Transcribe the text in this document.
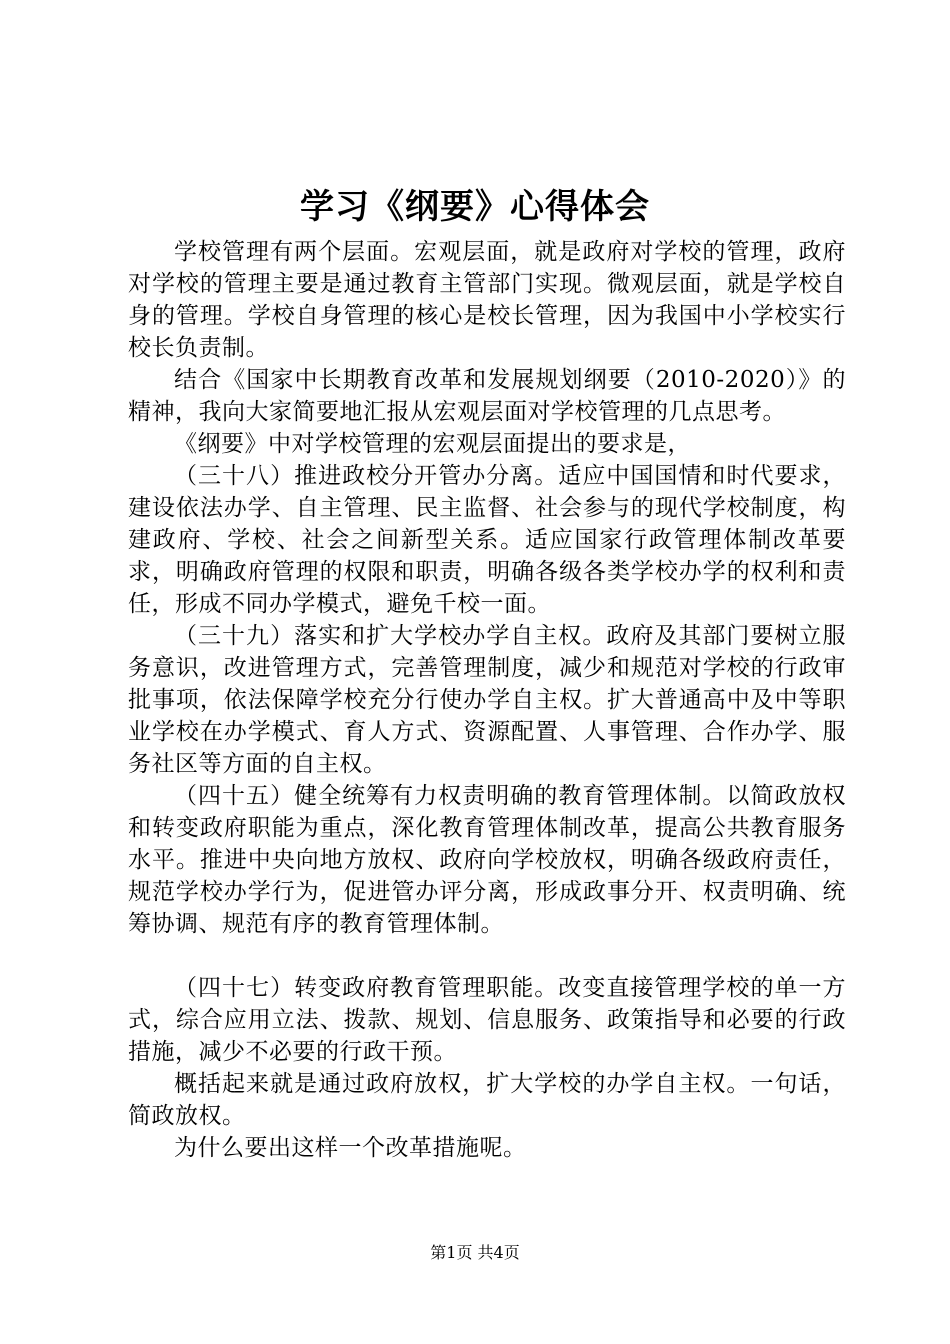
学习《纲要》心得体会

学校管理有两个层面。宏观层面，就是政府对学校的管理，政府对学校的管理主要是通过教育主管部门实现。微观层面，就是学校自身的管理。学校自身管理的核心是校长管理，因为我国中小学校实行校长负责制。

结合《国家中长期教育改革和发展规划纲要（2010-2020）》的精神，我向大家简要地汇报从宏观层面对学校管理的几点思考。

《纲要》中对学校管理的宏观层面提出的要求是，

（三十八）推进政校分开管办分离。适应中国国情和时代要求，建设依法办学、自主管理、民主监督、社会参与的现代学校制度，构建政府、学校、社会之间新型关系。适应国家行政管理体制改革要求，明确政府管理的权限和职责，明确各级各类学校办学的权利和责任，形成不同办学模式，避免千校一面。

（三十九）落实和扩大学校办学自主权。政府及其部门要树立服务意识，改进管理方式，完善管理制度，减少和规范对学校的行政审批事项，依法保障学校充分行使办学自主权。扩大普通高中及中等职业学校在办学模式、育人方式、资源配置、人事管理、合作办学、服务社区等方面的自主权。

（四十五）健全统筹有力权责明确的教育管理体制。以简政放权和转变政府职能为重点，深化教育管理体制改革，提高公共教育服务水平。推进中央向地方放权、政府向学校放权，明确各级政府责任，规范学校办学行为，促进管办评分离，形成政事分开、权责明确、统筹协调、规范有序的教育管理体制。

（四十七）转变政府教育管理职能。改变直接管理学校的单一方式，综合应用立法、拨款、规划、信息服务、政策指导和必要的行政措施，减少不必要的行政干预。

概括起来就是通过政府放权，扩大学校的办学自主权。一句话，简政放权。

为什么要出这样一个改革措施呢。

第1页 共4页
